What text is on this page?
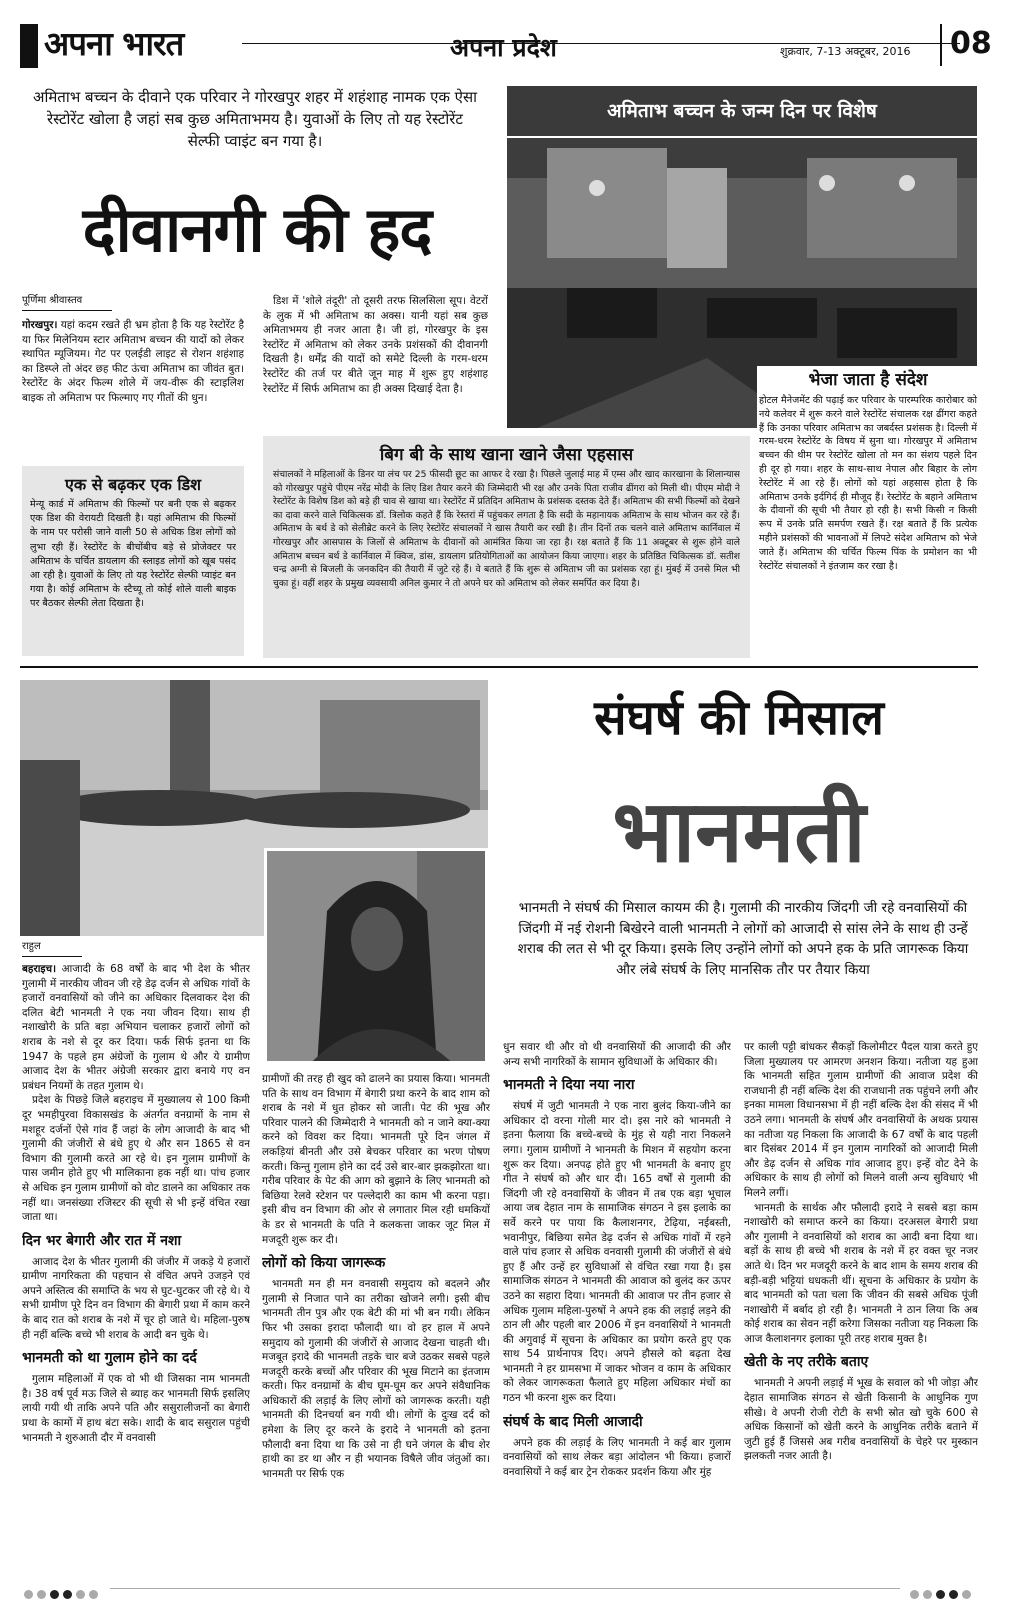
अपना भारत	अपना प्रदेश	शुक्रवार, 7-13 अक्टूबर, 2016 08
अमिताभ बच्चन के दीवाने एक परिवार ने गोरखपुर शहर में शहंशाह नामक एक ऐसा रेस्टोरेंट खोला है जहां सब कुछ अमिताभमय है। युवाओं के लिए तो यह रेस्टोरेंट सेल्फी प्वाइंट बन गया है।
अमिताभ बच्चन के जन्म दिन पर विशेष
दीवानगी की हद
पूर्णिमा श्रीवास्तव

गोरखपुर। यहां कदम रखते ही भ्रम होता है कि यह रेस्टोरेंट है या फिर मिलेनियम स्टार अमिताभ बच्चन की यादों को लेकर स्थापित म्यूजियम। गेट पर एलईडी लाइट से रोशन शहंशाह का डिस्प्ले तो अंदर छह फीट ऊंचा अमिताभ का जीवंत बुत। रेस्टोरेंट के अंदर फिल्म शोले में जय-वीरू की स्टाइलिश बाइक तो अमिताभ पर फिल्माए गए गीतों की धुन।

डिश में 'शोले तंदूरी' तो दूसरी तरफ सिलसिला सूप। वेटरों के लुक में भी अमिताभ का अक्स। यानी यहां सब कुछ अमिताभमय ही नजर आता है। जी हां, गोरखपुर के इस रेस्टोरेंट में अमिताभ को लेकर उनके प्रशंसकों की दीवानगी दिखती है। धर्मेंद्र की यादों को समेटे दिल्ली के गरम-धरम रेस्टोरेंट की तर्ज पर बीते जून माह में शुरू हुए शहंशाह रेस्टोरेंट में सिर्फ अमिताभ का ही अक्स दिखाई देता है।

एक से बढ़कर एक डिश
मेन्यू कार्ड में अमिताभ की फिल्मों पर बनी एक से बढ़कर एक डिश की वेरायटी दिखती है। यहां अमिताभ की फिल्मों के नाम पर परोसी जाने वाली 50 से अधिक डिश लोगों को लुभा रही हैं। रेस्टोरेंट के बीचोंबीच बड़े से प्रोजेक्टर पर अमिताभ के चर्चित डायलाग की स्लाइड लोगों को खूब पसंद आ रही है। युवाओं के लिए तो यह रेस्टोरेंट सेल्फी प्वाइंट बन गया है। कोई अमिताभ के स्टैच्यू तो कोई शोले वाली बाइक पर बैठकर सेल्फी लेता दिखता है।
बिग बी के साथ खाना खाने जैसा एहसास
संचालकों ने महिलाओं के डिनर या लंच पर 25 फीसदी छूट का आफर दे रखा है। पिछले जुलाई माह में एम्स और खाद कारखाना के शिलान्यास को गोरखपुर पहुंचे पीएम नरेंद्र मोदी के लिए डिश तैयार करने की जिम्मेदारी भी रक्ष और उनके पिता राजीव ढींगरा को मिली थी। पीएम मोदी ने रेस्टोरेंट के विशेष डिश को बड़े ही चाव से खाया था। रेस्टोरेंट में प्रतिदिन अमिताभ के प्रशंसक दस्तक देते हैं। अमिताभ की सभी फिल्मों को देखने का दावा करने वाले चिकित्सक डॉ. त्रिलोक कहते हैं कि रेस्तरां में पहुंचकर लगता है कि सदी के महानायक अमिताभ के साथ भोजन कर रहे हैं। अमिताभ के बर्थ डे को सेलीब्रेट करने के लिए रेस्टोरेंट संचालकों ने खास तैयारी कर रखी है। तीन दिनों तक चलने वाले अमिताभ कार्निवाल में गोरखपुर और आसपास के जिलों से अमिताभ के दीवानों को आमंत्रित किया जा रहा है। रक्ष बताते हैं कि 11 अक्टूबर से शुरू होने वाले अमिताभ बच्चन बर्थ डे कार्निवाल में क्विज, डांस, डायलाग प्रतियोगिताओं का आयोजन किया जाएगा। शहर के प्रतिष्ठित चिकित्सक डॉ. सतीश चन्द्र अग्नी से बिजली के जनकदिन की तैयारी में जुटे रहे हैं। वे बताते हैं कि शुरू से अमिताभ जी का प्रशंसक रहा हूं। मुंबई में उनसे मिल भी चुका हूं। वहीं शहर के प्रमुख व्यवसायी अनिल कुमार ने तो अपने घर को अमिताभ को लेकर समर्पित कर दिया है।
भेजा जाता है संदेश
होटल मैनेजमेंट की पढ़ाई कर परिवार के पारम्परिक कारोबार को नये कलेवर में शुरू करने वाले रेस्टोरेंट संचालक रक्ष ढींगरा कहते हैं कि उनका परिवार अमिताभ का जबर्दस्त प्रशंसक है। दिल्ली में गरम-धरम रेस्टोरेंट के विषय में सुना था। गोरखपुर में अमिताभ बच्चन की थीम पर रेस्टोरेंट खोला तो मन का संशय पहले दिन ही दूर हो गया। शहर के साथ-साथ नेपाल और बिहार के लोग रेस्टोरेंट में आ रहे हैं। लोगों को यहां अहसास होता है कि अमिताभ उनके इर्दगिर्द ही मौजूद हैं। रेस्टोरेंट के बहाने अमिताभ के दीवानों की सूची भी तैयार हो रही है। सभी किसी न किसी रूप में उनके प्रति समर्पण रखते हैं। रक्ष बताते हैं कि प्रत्येक महीने प्रशंसकों की भावनाओं में लिपटे संदेश अमिताभ को भेजे जाते हैं। अमिताभ की चर्चित फिल्म पिंक के प्रमोशन का भी रेस्टोरेंट संचालकों ने इंतजाम कर रखा है।
राहुल
संघर्ष की मिसाल
भानमती
भानमती ने संघर्ष की मिसाल कायम की है। गुलामी की नारकीय जिंदगी जी रहे वनवासियों की जिंदगी में नई रोशनी बिखेरने वाली भानमती ने लोगों को आजादी से सांस लेने के साथ ही उन्हें शराब की लत से भी दूर किया। इसके लिए उन्होंने लोगों को अपने हक के प्रति जागरूक किया और लंबे संघर्ष के लिए मानसिक तौर पर तैयार किया

बहराइच। आजादी के 68 वर्षों के बाद भी देश के भीतर गुलामी में नारकीय जीवन जी रहे डेढ़ दर्जन से अधिक गांवों के हजारों वनवासियों को जीने का अधिकार दिलवाकर देश की दलित बेटी भानमती ने एक नया जीवन दिया। साथ ही नशाखोरी के प्रति बड़ा अभियान चलाकर हजारों लोगों को शराब के नशे से दूर कर दिया। फर्क सिर्फ इतना था कि 1947 के पहले हम अंग्रेजों के गुलाम थे और ये ग्रामीण आजाद देश के भीतर अंग्रेजी सरकार द्वारा बनाये गए वन प्रबंधन नियमों के तहत गुलाम थे।

प्रदेश के पिछड़े जिले बहराइच में मुख्यालय से 100 किमी दूर भमहीपुरवा विकासखंड के अंतर्गत वनग्रामों के नाम से मशहूर दर्जनों ऐसे गांव हैं जहां के लोग आजादी के बाद भी गुलामी की जंजीरों से बंधे हुए थे और सन 1865 से वन विभाग की गुलामी करते आ रहे थे। इन गुलाम ग्रामीणों के पास जमीन होते हुए भी मालिकाना हक नहीं था। पांच हजार से अधिक इन गुलाम ग्रामीणों को वोट डालने का अधिकार तक नहीं था। जनसंख्या रजिस्टर की सूची से भी इन्हें वंचित रखा जाता था।

दिन भर बेगारी और रात में नशा

आजाद देश के भीतर गुलामी की जंजीर में जकड़े ये हजारों ग्रामीण नागरिकता की पहचान से वंचित अपने उजड़ने एवं अपने अस्तित्व की समाप्ति के भय से घुट-घुटकर जी रहे थे। ये सभी ग्रामीण पूरे दिन वन विभाग की बेगारी प्रथा में काम करने के बाद रात को शराब के नशे में चूर हो जाते थे। महिला-पुरुष ही नहीं बल्कि बच्चे भी शराब के आदी बन चुके थे।

भानमती को था गुलाम होने का दर्द

गुलाम महिलाओं में एक वो भी थी जिसका नाम भानमती है। 38 वर्ष पूर्व मऊ जिले से ब्याह कर भानमती सिर्फ इसलिए लायी गयी थी ताकि अपने पति और ससुरालीजनों का बेगारी प्रथा के कामों में हाथ बंटा सके। शादी के बाद ससुराल पहुंची भानमती ने शुरुआती दौर में वनवासी

ग्रामीणों की तरह ही खुद को ढालने का प्रयास किया। भानमती पति के साथ वन विभाग में बेगारी प्रथा करने के बाद शाम को शराब के नशे में धुत होकर सो जाती। पेट की भूख और परिवार पालने की जिम्मेदारी ने भानमती को न जाने क्या-क्या करने को विवश कर दिया। भानमती पूरे दिन जंगल में लकड़ियां बीनती और उसे बेचकर परिवार का भरण पोषण करती। किन्तु गुलाम होने का दर्द उसे बार-बार झकझोरता था। गरीब परिवार के पेट की आग को बुझाने के लिए भानमती को बिछिया रेलवे स्टेशन पर पल्लेदारी का काम भी करना पड़ा। इसी बीच वन विभाग की ओर से लगातार मिल रही धमकियों के डर से भानमती के पति ने कलकत्ता जाकर जूट मिल में मजदूरी शुरू कर दी।

लोगों को किया जागरूक

भानमती मन ही मन वनवासी समुदाय को बदलने और गुलामी से निजात पाने का तरीका खोजने लगी। इसी बीच भानमती तीन पुत्र और एक बेटी की मां भी बन गयी। लेकिन फिर भी उसका इरादा फौलादी था। वो हर हाल में अपने समुदाय को गुलामी की जंजीरों से आजाद देखना चाहती थी। मजबूत इरादे की भानमती तड़के चार बजे उठकर सबसे पहले मजदूरी करके बच्चों और परिवार की भूख मिटाने का इंतजाम करती। फिर वनग्रामों के बीच घूम-घूम कर अपने संवैधानिक अधिकारों की लड़ाई के लिए लोगों को जागरूक करती। यही भानमती की दिनचर्या बन गयी थी। लोगों के दुःख दर्द को हमेशा के लिए दूर करने के इरादे ने भानमती को इतना फौलादी बना दिया था कि उसे ना ही घने जंगल के बीच शेर हाथी का डर था और न ही भयानक विषैले जीव जंतुओं का। भानमती पर सिर्फ एक

धुन सवार थी और वो थी वनवासियों की आजादी की और अन्य सभी नागरिकों के सामान सुविधाओं के अधिकार की।

भानमती ने दिया नया नारा

संघर्ष में जुटी भानमती ने एक नारा बुलंद किया-जीने का अधिकार दो वरना गोली मार दो। इस नारे को भानमती ने इतना फैलाया कि बच्चे-बच्चे के मुंह से यही नारा निकलने लगा। गुलाम ग्रामीणों ने भानमती के मिशन में सहयोग करना शुरू कर दिया। अनपढ़ होते हुए भी भानमती के बनाए हुए गीत ने संघर्ष को और धार दी। 165 वर्षों से गुलामी की जिंदगी जी रहे वनवासियों के जीवन में तब एक बड़ा भूचाल आया जब देहात नाम के सामाजिक संगठन ने इस इलाके का सर्वे करने पर पाया कि कैलाशनगर, टेढ़िया, नईबस्ती, भवानीपुर, बिछिया समेत डेढ़ दर्जन से अधिक गांवों में रहने वाले पांच हजार से अधिक वनवासी गुलामी की जंजीरों से बंधे हुए हैं और उन्हें हर सुविधाओं से वंचित रखा गया है। इस सामाजिक संगठन ने भानमती की आवाज को बुलंद कर ऊपर उठने का सहारा दिया। भानमती की आवाज पर तीन हजार से अधिक गुलाम महिला-पुरुषों ने अपने हक की लड़ाई लड़ने की ठान ली और पहली बार 2006 में इन वनवासियों ने भानमती की अगुवाई में सूचना के अधिकार का प्रयोग करते हुए एक साथ 54 प्रार्थनापत्र दिए। अपने हौसले को बढ़ता देख भानमती ने हर ग्रामसभा में जाकर भोजन व काम के अधिकार को लेकर जागरूकता फैलाते हुए महिला अधिकार मंचों का गठन भी करना शुरू कर दिया।

संघर्ष के बाद मिली आजादी

अपने हक की लड़ाई के लिए भानमती ने कई बार गुलाम वनवासियों को साथ लेकर बड़ा आंदोलन भी किया। हजारों वनवासियों ने कई बार ट्रेन रोककर प्रदर्शन किया और मुंह

पर काली पट्टी बांधकर सैकड़ों किलोमीटर पैदल यात्रा करते हुए जिला मुख्यालय पर आमरण अनशन किया। नतीजा यह हुआ कि भानमती सहित गुलाम ग्रामीणों की आवाज प्रदेश की राजधानी ही नहीं बल्कि देश की राजधानी तक पहुंचने लगी और इनका मामला विधानसभा में ही नहीं बल्कि देश की संसद में भी उठने लगा। भानमती के संघर्ष और वनवासियों के अथक प्रयास का नतीजा यह निकला कि आजादी के 67 वर्षों के बाद पहली बार दिसंबर 2014 में इन गुलाम नागरिकों को आजादी मिली और डेढ़ दर्जन से अधिक गांव आजाद हुए। इन्हें वोट देने के अधिकार के साथ ही लोगों को मिलने वाली अन्य सुविधाएं भी मिलने लगीं।

भानमती के सार्थक और फौलादी इरादे ने सबसे बड़ा काम नशाखोरी को समाप्त करने का किया। दरअसल बेगारी प्रथा और गुलामी ने वनवासियों को शराब का आदी बना दिया था। बड़ों के साथ ही बच्चे भी शराब के नशे में हर वक्त चूर नजर आते थे। दिन भर मजदूरी करने के बाद शाम के समय शराब की बड़ी-बड़ी भट्टियां धधकती थीं। सूचना के अधिकार के प्रयोग के बाद भानमती को पता चला कि जीवन की सबसे अधिक पूंजी नशाखोरी में बर्बाद हो रही है। भानमती ने ठान लिया कि अब कोई शराब का सेवन नहीं करेगा जिसका नतीजा यह निकला कि आज कैलाशनगर इलाका पूरी तरह शराब मुक्त है।

खेती के नए तरीके बताए

भानमती ने अपनी लड़ाई में भूख के सवाल को भी जोड़ा और देहात सामाजिक संगठन से खेती किसानी के आधुनिक गुण सीखे। वे अपनी रोजी रोटी के सभी स्रोत खो चुके 600 से अधिक किसानों को खेती करने के आधुनिक तरीके बताने में जुटी हुई हैं जिससे अब गरीब वनवासियों के चेहरे पर मुस्कान झलकती नजर आती है।
